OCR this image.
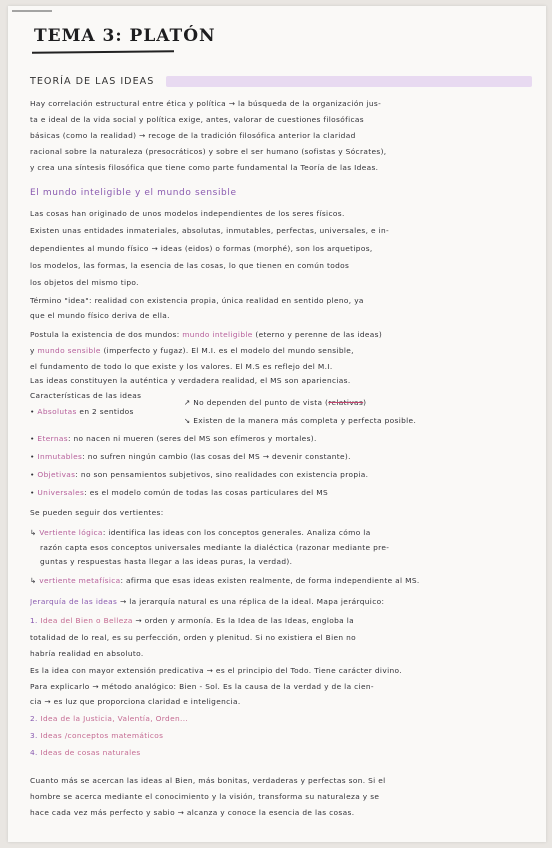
TEMA 3: PLATÓN
TEORÍA DE LAS IDEAS
Hay correlación estructural entre ética y política → la búsqueda de la organización jus-
ta e ideal de la vida social y política exige, antes, valorar de cuestiones filosóficas
básicas (como la realidad) → recoge de la tradición filosófica anterior la claridad
racional sobre la naturaleza (presocráticos) y sobre el ser humano (sofistas y Sócrates),
y crea una síntesis filosófica que tiene como parte fundamental la Teoría de las Ideas.
El mundo inteligible y el mundo sensible
Las cosas han originado de unos modelos independientes de los seres físicos.
Existen unas entidades inmateriales, absolutas, inmutables, perfectas, universales, e in-
dependientes al mundo físico → ideas (eidos) o formas (morphé), son los arquetipos,
los modelos, las formas, la esencia de las cosas, lo que tienen en común todos
los objetos del mismo tipo.
Término "idea": realidad con existencia propia, única realidad en sentido pleno, ya
que el mundo físico deriva de ella.
Postula la existencia de dos mundos: mundo inteligible (eterno y perenne de las ideas)
y mundo sensible (imperfecto y fugaz). El M.I. es el modelo del mundo sensible,
el fundamento de todo lo que existe y los valores. El M.S es reflejo del M.I.
Las ideas constituyen la auténtica y verdadera realidad, el MS son apariencias.
Características de las ideas
• Absolutas en 2 sentidos
↗ No dependen del punto de vista (relativas)
↘ Existen de la manera más completa y perfecta posible.
• Eternas: no nacen ni mueren (seres del MS son efímeros y mortales).
• Inmutables: no sufren ningún cambio (las cosas del MS → devenir constante).
• Objetivas: no son pensamientos subjetivos, sino realidades con existencia propia.
• Universales: es el modelo común de todas las cosas particulares del MS
Se pueden seguir dos vertientes:
↳ Vertiente lógica: identifica las ideas con los conceptos generales. Analiza cómo la
razón capta esos conceptos universales mediante la dialéctica (razonar mediante pre-
guntas y respuestas hasta llegar a las ideas puras, la verdad).
↳ vertiente metafísica: afirma que esas ideas existen realmente, de forma independiente al MS.
Jerarquía de las ideas → la jerarquía natural es una réplica de la ideal. Mapa jerárquico:
1. Idea del Bien o Belleza → orden y armonía. Es la Idea de las Ideas, engloba la
totalidad de lo real, es su perfección, orden y plenitud. Si no existiera el Bien no
habría realidad en absoluto.
Es la idea con mayor extensión predicativa → es el principio del Todo. Tiene carácter divino.
Para explicarlo → método analógico: Bien - Sol. Es la causa de la verdad y de la cien-
cia → es luz que proporciona claridad e inteligencia.
2. Idea de la Justicia, Valentía, Orden...
3. Ideas /conceptos matemáticos
4. Ideas de cosas naturales
Cuanto más se acercan las ideas al Bien, más bonitas, verdaderas y perfectas son. Si el
hombre se acerca mediante el conocimiento y la visión, transforma su naturaleza y se
hace cada vez más perfecto y sabio → alcanza y conoce la esencia de las cosas.
